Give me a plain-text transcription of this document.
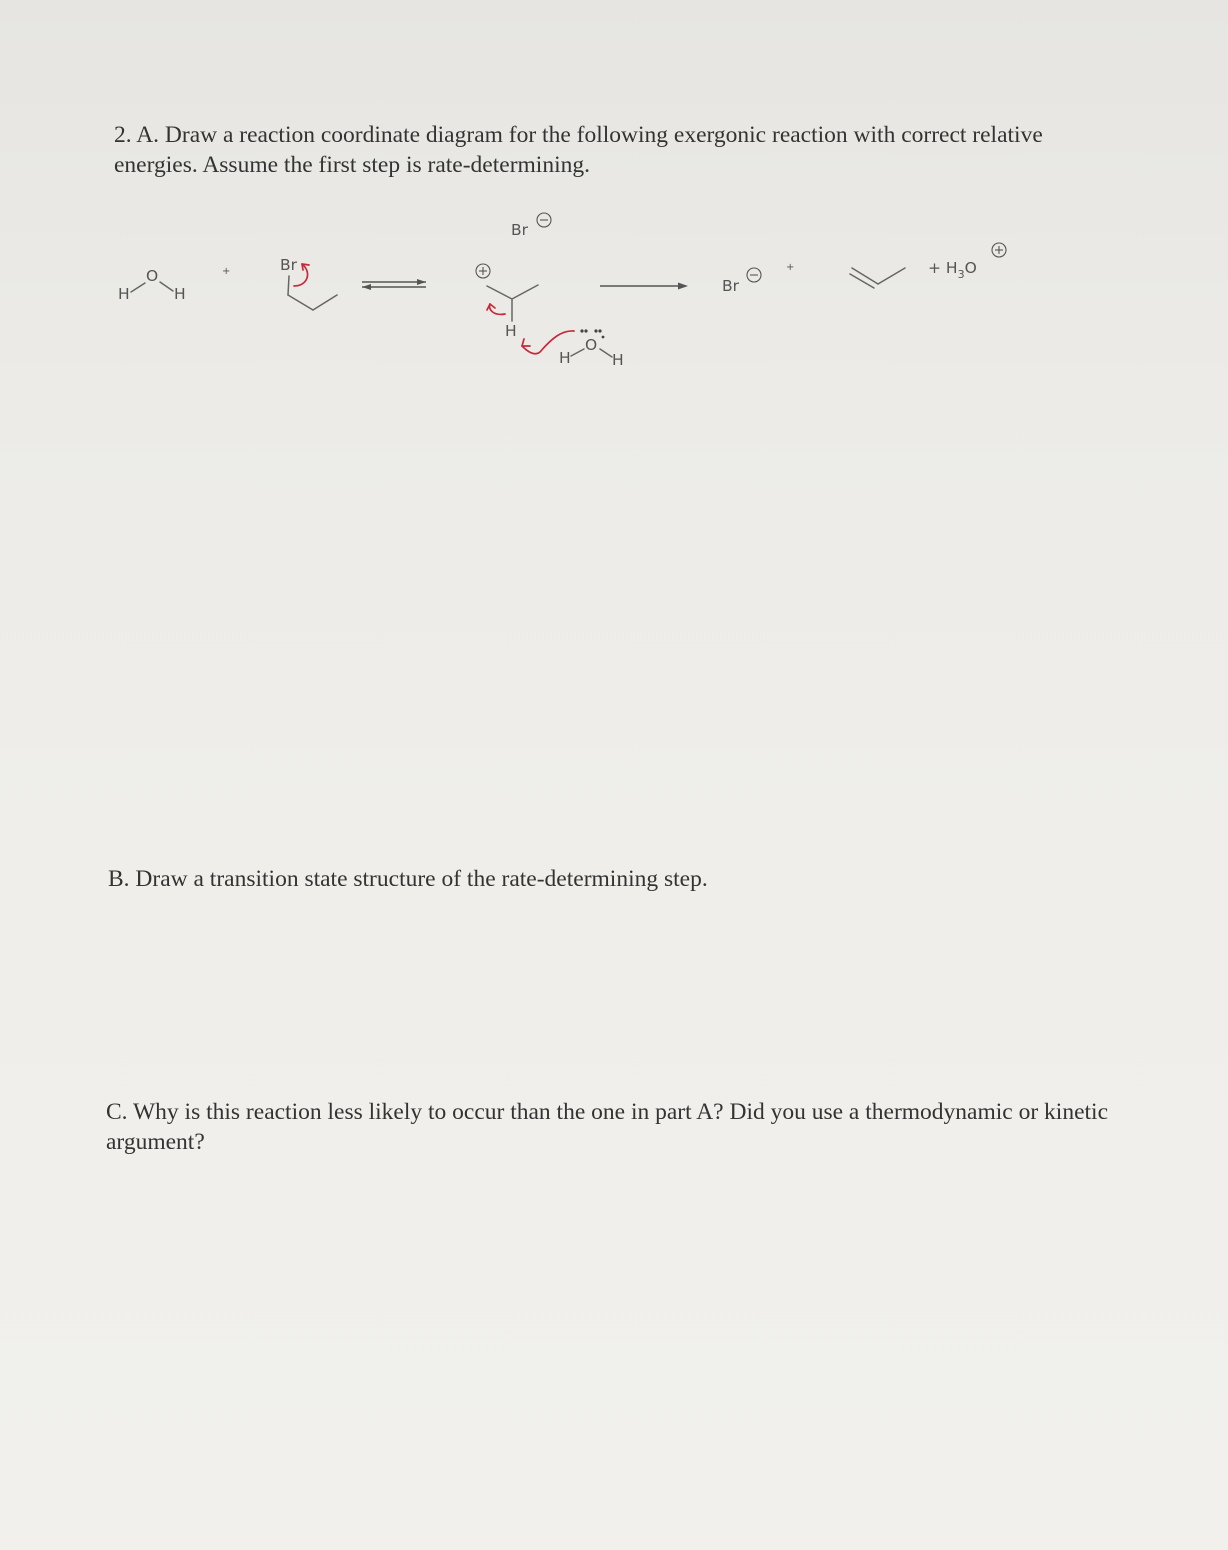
2. A. Draw a reaction coordinate diagram for the following exergonic reaction with correct relative energies. Assume the first step is rate-determining.

H
O
H
+	Br
Br
H
H
O
H
Br
+	+ $H_3O$

B. Draw a transition state structure of the rate-determining step.

C. Why is this reaction less likely to occur than the one in part A? Did you use a thermodynamic or kinetic argument?
